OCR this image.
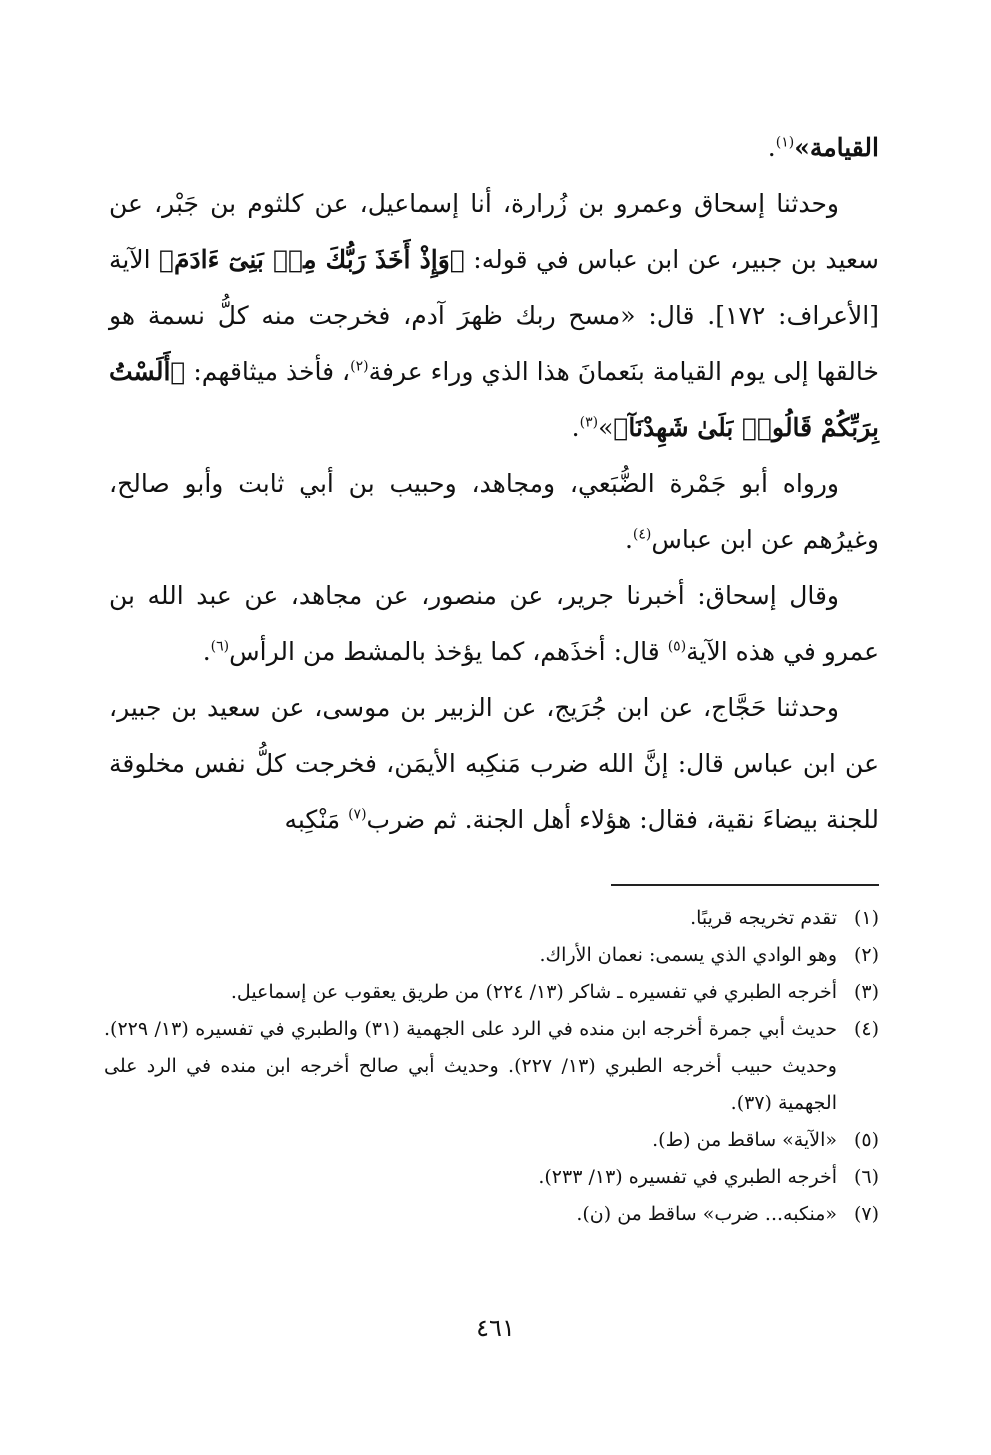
القيامة»$^{(١)}$.

وحدثنا إسحاق وعمرو بن زُرارة، أنا إسماعيل، عن كلثوم بن جَبْر، عن سعيد بن جبير، عن ابن عباس في قوله: ﴿وَإِذْ أَخَذَ رَبُّكَ مِنۢ بَنِىٓ ءَادَمَ﴾ الآية [الأعراف: ١٧٢]. قال: «مسح ربك ظهرَ آدم، فخرجت منه كلُّ نسمة هو خالقها إلى يوم القيامة بنَعمانَ هذا الذي وراء عرفة$^{(٢)}$، فأخذ ميثاقهم: ﴿أَلَسْتُ بِرَبِّكُمْ قَالُوا۟ بَلَىٰ شَهِدْنَآ﴾»$^{(٣)}$.

ورواه أبو جَمْرة الضُّبَعي، ومجاهد، وحبيب بن أبي ثابت وأبو صالح، وغيرُهم عن ابن عباس$^{(٤)}$.

وقال إسحاق: أخبرنا جرير، عن منصور، عن مجاهد، عن عبد الله بن عمرو في هذه الآية$^{(٥)}$ قال: أخذَهم، كما يؤخذ بالمشط من الرأس$^{(٦)}$.

وحدثنا حَجَّاج، عن ابن جُرَيج، عن الزبير بن موسى، عن سعيد بن جبير، عن ابن عباس قال: إنَّ الله ضرب مَنكِبه الأيمَن، فخرجت كلُّ نفس مخلوقة للجنة بيضاءَ نقية، فقال: هؤلاء أهل الجنة. ثم ضرب$^{(٧)}$ مَنْكِبه

(١)
تقدم تخريجه قريبًا.
(٢)
وهو الوادي الذي يسمى: نعمان الأراك.
(٣)
أخرجه الطبري في تفسيره ـ شاكر (١٣/ ٢٢٤) من طريق يعقوب عن إسماعيل.
(٤)
حديث أبي جمرة أخرجه ابن منده في الرد على الجهمية (٣١) والطبري في تفسيره (١٣/ ٢٢٩). وحديث حبيب أخرجه الطبري (١٣/ ٢٢٧). وحديث أبي صالح أخرجه ابن منده في الرد على الجهمية (٣٧).
(٥)
«الآية» ساقط من (ط).
(٦)
أخرجه الطبري في تفسيره (١٣/ ٢٣٣).
(٧)
«منكبه... ضرب» ساقط من (ن).
٤٦١
